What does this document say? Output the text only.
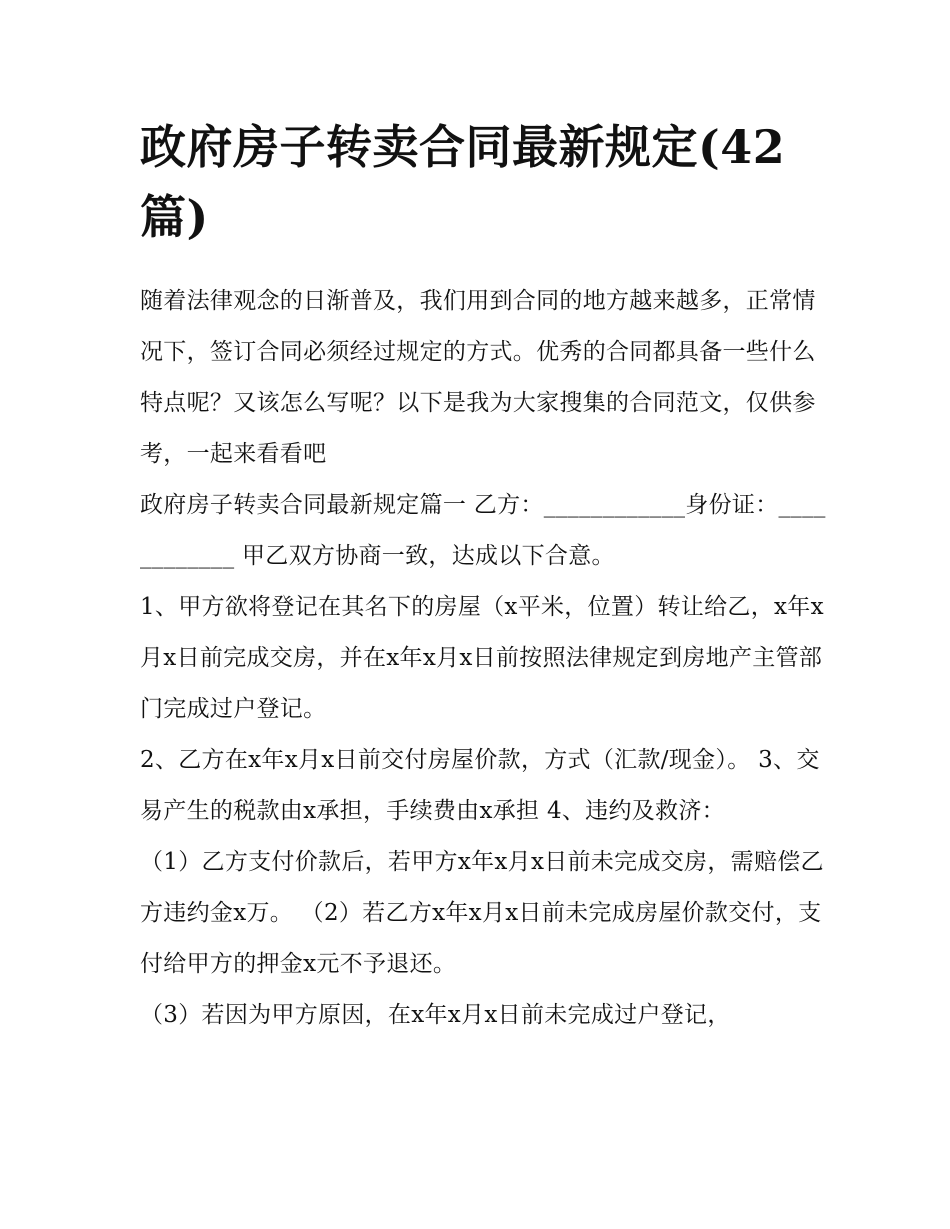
政府房子转卖合同最新规定(42篇)

随着法律观念的日渐普及，我们用到合同的地方越来越多，正常情况下，签订合同必须经过规定的方式。优秀的合同都具备一些什么特点呢？又该怎么写呢？以下是我为大家搜集的合同范文，仅供参考，一起来看看吧

政府房子转卖合同最新规定篇一 乙方：____________身份证：____________ 甲乙双方协商一致，达成以下合意。

1、甲方欲将登记在其名下的房屋（x平米，位置）转让给乙，x年x月x日前完成交房，并在x年x月x日前按照法律规定到房地产主管部门完成过户登记。

2、乙方在x年x月x日前交付房屋价款，方式（汇款/现金）。 3、交易产生的税款由x承担，手续费由x承担 4、违约及救济：

（1）乙方支付价款后，若甲方x年x月x日前未完成交房，需赔偿乙方违约金x万。 （2）若乙方x年x月x日前未完成房屋价款交付，支付给甲方的押金x元不予退还。

（3）若因为甲方原因，在x年x月x日前未完成过户登记，
